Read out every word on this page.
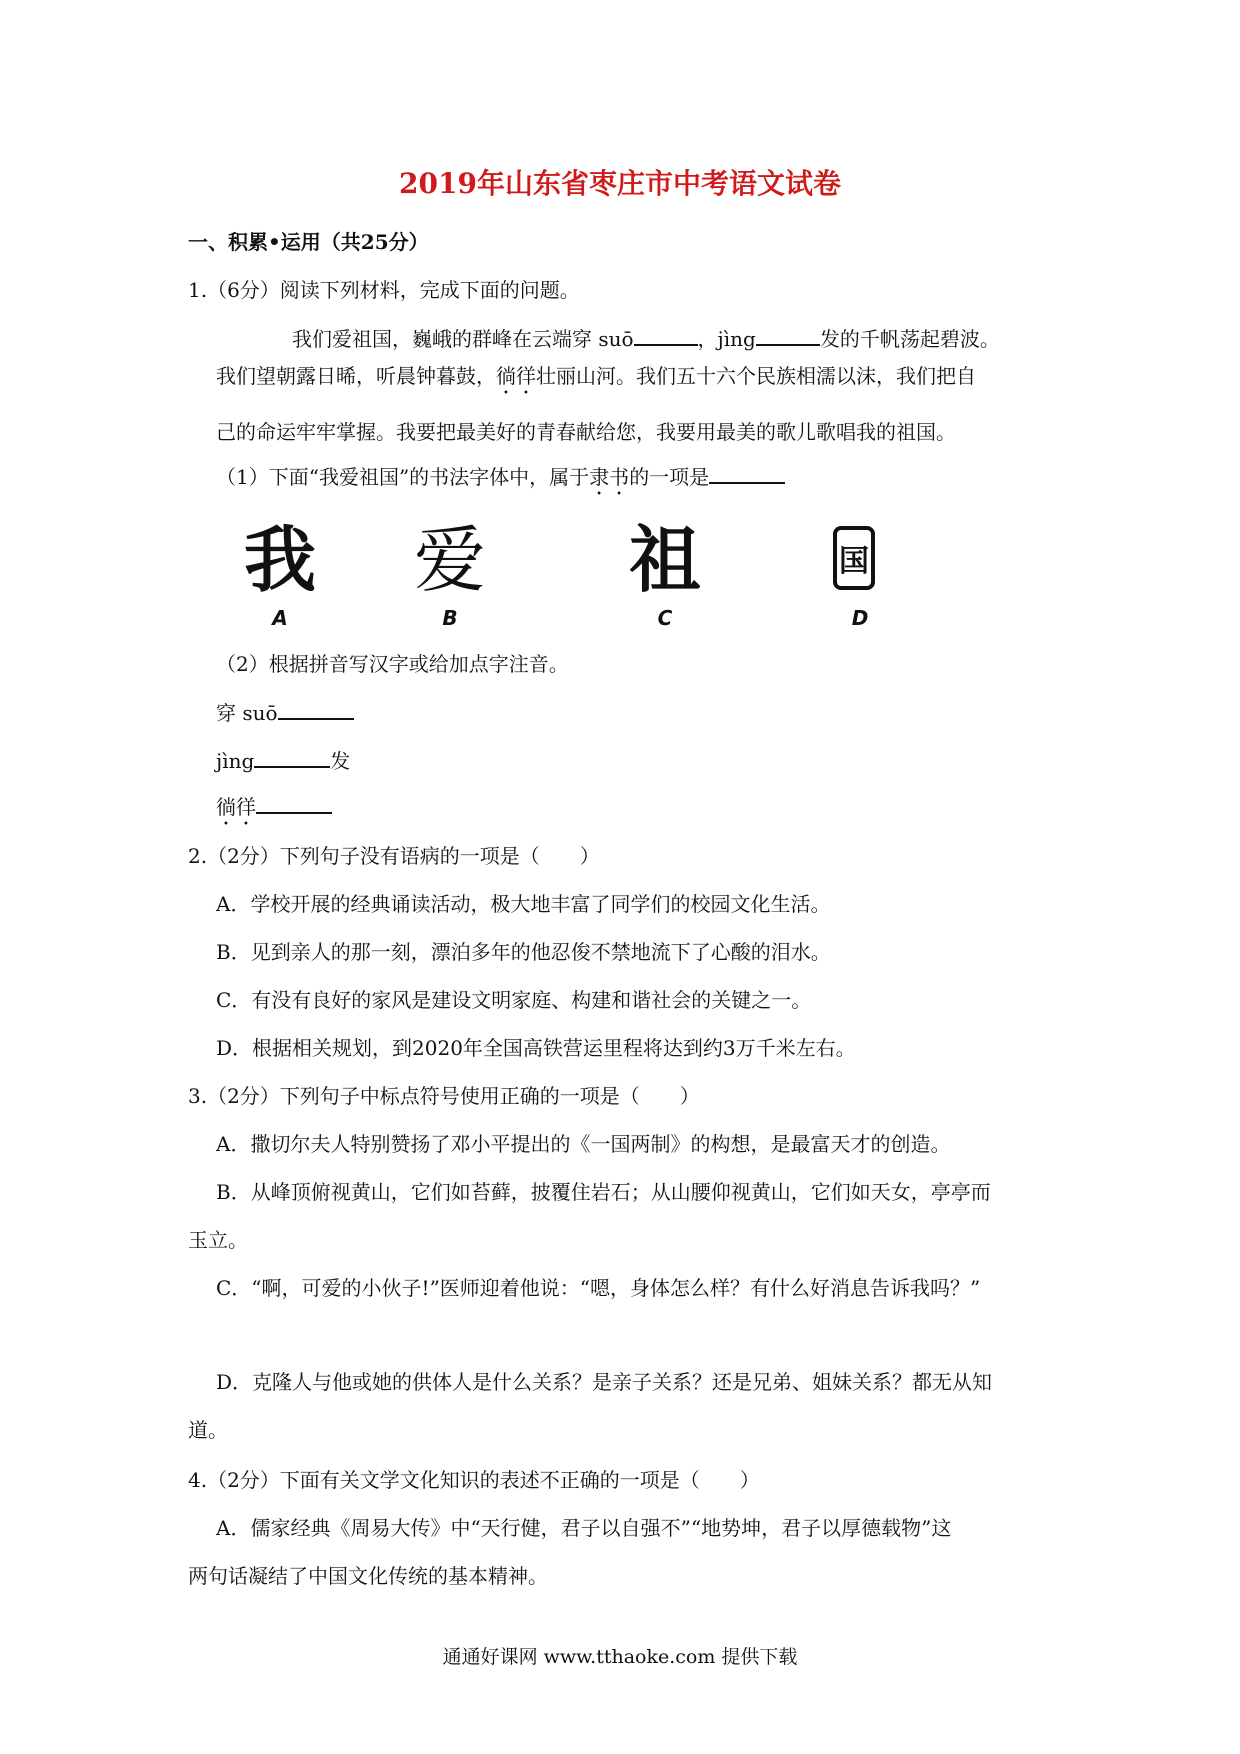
2019年山东省枣庄市中考语文试卷
一、积累•运用（共25分）
1.（6分）阅读下列材料，完成下面的问题。
我们爱祖国，巍峨的群峰在云端穿 suō	，jìng	发的千帆荡起碧波。
我们望朝露日晞，听晨钟暮鼓，徜徉壮丽山河。我们五十六个民族相濡以沫，我们把自
己的命运牢牢掌握。我要把最美好的青春献给您，我要用最美的歌儿歌唱我的祖国。
（1）下面“我爱祖国”的书法字体中，属于隶书的一项是
我
A
爱
B
祖
C
国
D
（2）根据拼音写汉字或给加点字注音。
穿 suō
jìng	发
徜徉
2.（2分）下列句子没有语病的一项是（　　）
A．学校开展的经典诵读活动，极大地丰富了同学们的校园文化生活。
B．见到亲人的那一刻，漂泊多年的他忍俊不禁地流下了心酸的泪水。
C．有没有良好的家风是建设文明家庭、构建和谐社会的关键之一。
D．根据相关规划，到2020年全国高铁营运里程将达到约3万千米左右。
3.（2分）下列句子中标点符号使用正确的一项是（　　）
A．撒切尔夫人特别赞扬了邓小平提出的《一国两制》的构想，是最富天才的创造。
B．从峰顶俯视黄山，它们如苔藓，披覆住岩石；从山腰仰视黄山，它们如天女，亭亭而
玉立。
C．“啊，可爱的小伙子!”医师迎着他说：“嗯，身体怎么样？有什么好消息告诉我吗？”
D．克隆人与他或她的供体人是什么关系？是亲子关系？还是兄弟、姐妹关系？都无从知
道。
4.（2分）下面有关文学文化知识的表述不正确的一项是（　　）
A．儒家经典《周易大传》中“天行健，君子以自强不”“地势坤，君子以厚德载物”这
两句话凝结了中国文化传统的基本精神。
通通好课网 www.tthaoke.com 提供下载
